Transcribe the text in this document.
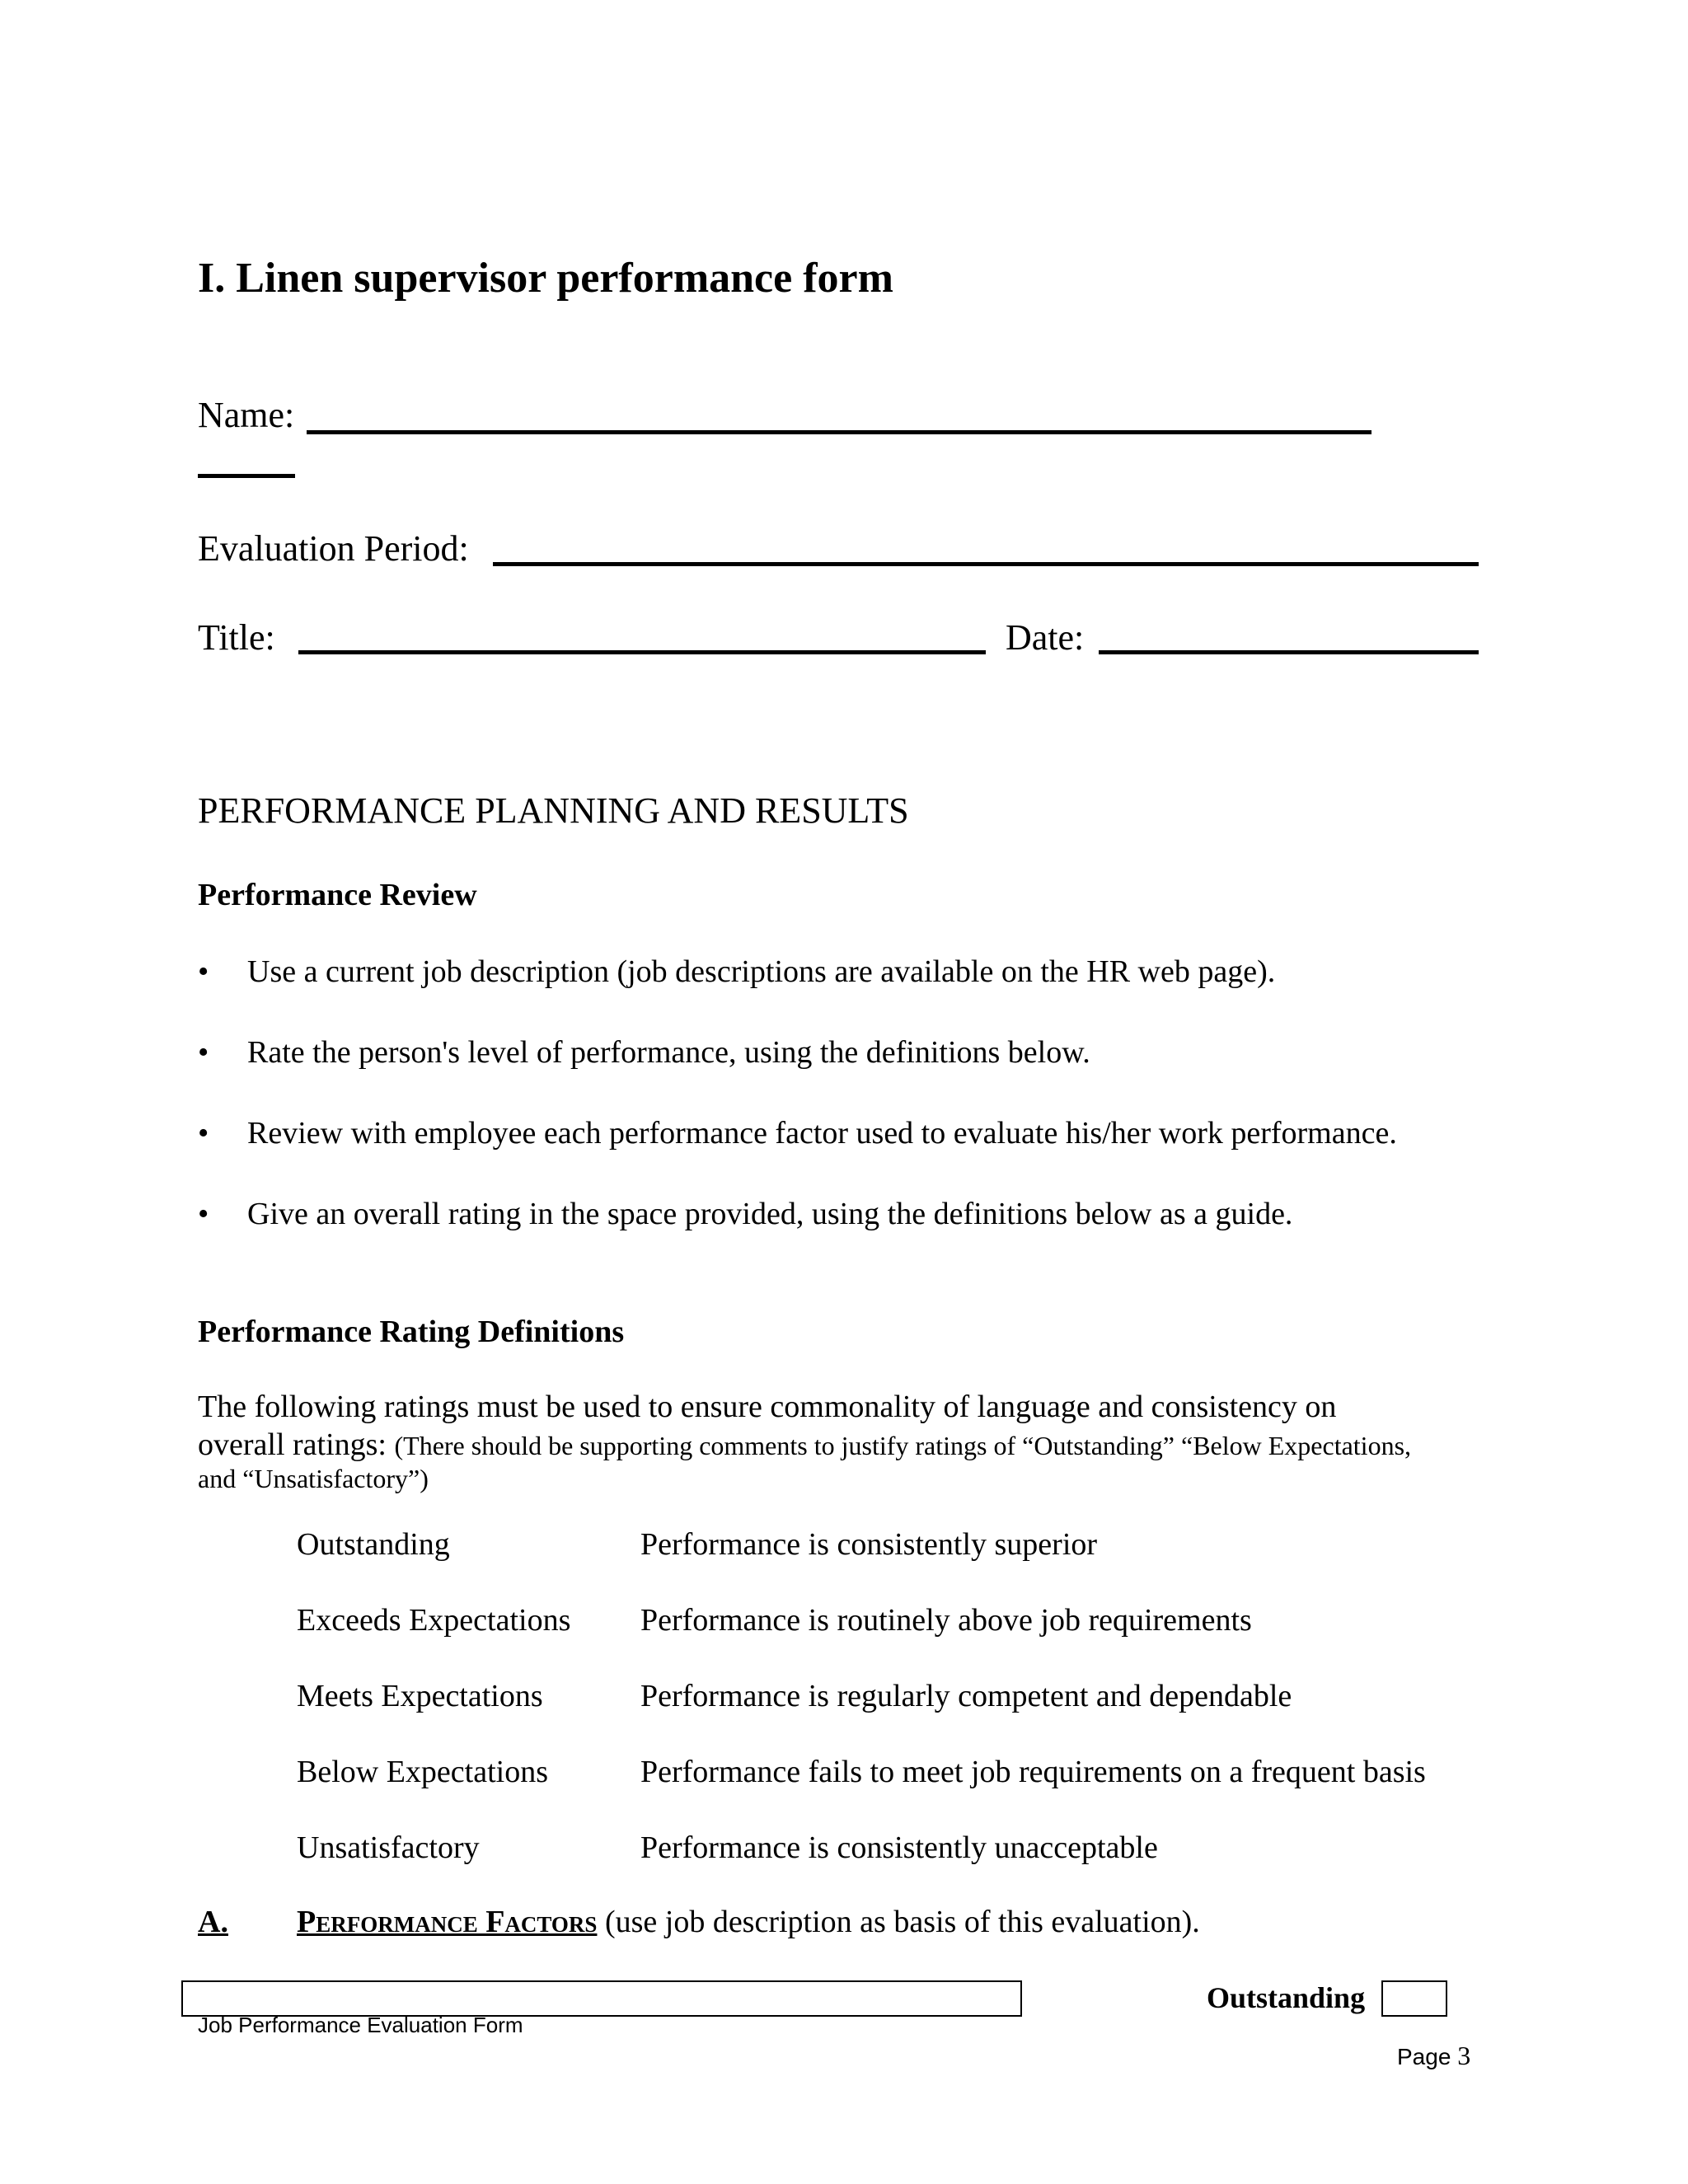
I. Linen supervisor performance form
Name:
Evaluation Period:
Title:	Date:
PERFORMANCE PLANNING AND RESULTS
Performance Review
• Use a current job description (job descriptions are available on the HR web page).
• Rate the person's level of performance, using the definitions below.
• Review with employee each performance factor used to evaluate his/her work performance.
• Give an overall rating in the space provided, using the definitions below as a guide.
Performance Rating Definitions
The following ratings must be used to ensure commonality of language and consistency on
overall ratings: (There should be supporting comments to justify ratings of “Outstanding” “Below Expectations,
and “Unsatisfactory”)
Outstanding	Performance is consistently superior
Exceeds Expectations Performance is routinely above job requirements
Meets Expectations	Performance is regularly competent and dependable
Below Expectations	Performance fails to meet job requirements on a frequent basis
Unsatisfactory	Performance is consistently unacceptable
A. Performance Factors (use job description as basis of this evaluation).
Outstanding
Job Performance Evaluation Form
Page 3
